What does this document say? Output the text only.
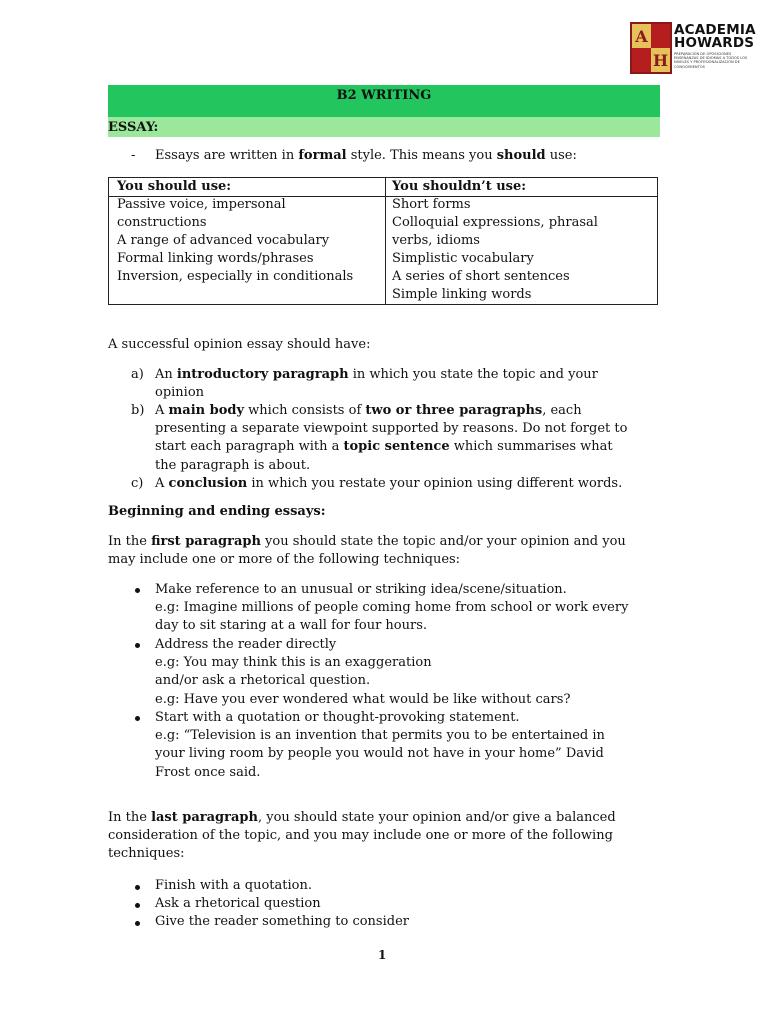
A
H
ACADEMIA
HOWARDS
PREPARACIÓN DE OPOSICIONES ENSEÑANZAS DE IDIOMAS A TODOS LOS NIVELES Y PROFESIONALIZACIÓN DE CONOCIMIENTOS
B2 WRITING
ESSAY:
- Essays are written in formal style. This means you should use:
You should use:	You shouldn’t use:
Passive voice, impersonal
constructions
A range of advanced vocabulary
Formal linking words/phrases
Inversion, especially in conditionals
Short forms
Colloquial expressions, phrasal
verbs, idioms
Simplistic vocabulary
A series of short sentences
Simple linking words
A successful opinion essay should have:
a) An introductory paragraph in which you state the topic and your
opinion
b) A main body which consists of two or three paragraphs, each
presenting a separate viewpoint supported by reasons. Do not forget to
start each paragraph with a topic sentence which summarises what
the paragraph is about.
c) A conclusion in which you restate your opinion using different words.
Beginning and ending essays:
In the first paragraph you should state the topic and/or your opinion and you
may include one or more of the following techniques:
Make reference to an unusual or striking idea/scene/situation.
e.g: Imagine millions of people coming home from school or work every
day to sit staring at a wall for four hours.
Address the reader directly
e.g: You may think this is an exaggeration
and/or ask a rhetorical question.
e.g: Have you ever wondered what would be like without cars?
Start with a quotation or thought-provoking statement.
e.g: “Television is an invention that permits you to be entertained in
your living room by people you would not have in your home” David
Frost once said.
In the last paragraph, you should state your opinion and/or give a balanced
consideration of the topic, and you may include one or more of the following
techniques:
Finish with a quotation.
Ask a rhetorical question
Give the reader something to consider
1
